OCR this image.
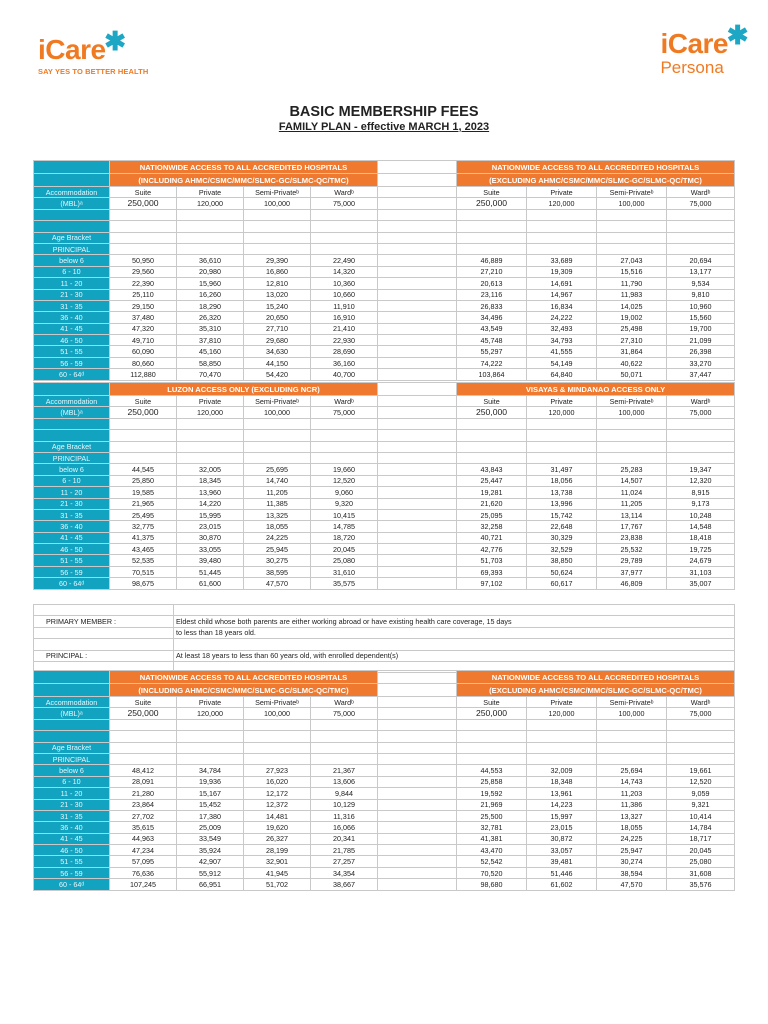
iCare
✱
SAY YES TO BETTER HEALTH
iCare
✱
Persona
BASIC MEMBERSHIP FEES
FAMILY PLAN - effective MARCH 1, 2023
	NATIONWIDE ACCESS TO ALL ACCREDITED HOSPITALS					NATIONWIDE ACCESS TO ALL ACCREDITED HOSPITALS			
	(INCLUDING AHMC/CSMC/MMC/SLMC-GC/SLMC-QC/TMC)					(EXCLUDING AHMC/CSMC/MMC/SLMC-GC/SLMC-QC/TMC)			
Accommodation	Suite	Private	Semi-Privateᵇ	Wardᵇ		Suite	Private	Semi-Privateᵇ	Wardᵇ
(MBL)ᵃ	250,000	120,000	100,000	75,000		250,000	120,000	100,000	75,000

Age Bracket									
PRINCIPAL									
below 6	50,950	36,610	29,390	22,490		46,889	33,689	27,043	20,694
6 - 10	29,560	20,980	16,860	14,320		27,210	19,309	15,516	13,177
11 - 20	22,390	15,960	12,810	10,360		20,613	14,691	11,790	9,534
21 - 30	25,110	16,260	13,020	10,660		23,116	14,967	11,983	9,810
31 - 35	29,150	18,290	15,240	11,910		26,833	16,834	14,025	10,960
36 - 40	37,480	26,320	20,650	16,910		34,496	24,222	19,002	15,560
41 - 45	47,320	35,310	27,710	21,410		43,549	32,493	25,498	19,700
46 - 50	49,710	37,810	29,680	22,930		45,748	34,793	27,310	21,099
51 - 55	60,090	45,160	34,630	28,690		55,297	41,555	31,864	26,398
56 - 59	80,660	58,850	44,150	36,160		74,222	54,149	40,622	33,270
60 - 64ᵈ	112,880	70,470	54,420	40,700		103,864	64,840	50,071	37,447
	LUZON ACCESS ONLY (EXCLUDING NCR)					VISAYAS & MINDANAO ACCESS ONLY			
Accommodation	Suite	Private	Semi-Privateᵇ	Wardᵇ		Suite	Private	Semi-Privateᵇ	Wardᵇ
(MBL)ᵃ	250,000	120,000	100,000	75,000		250,000	120,000	100,000	75,000

Age Bracket									
PRINCIPAL									
below 6	44,545	32,005	25,695	19,660		43,843	31,497	25,283	19,347
6 - 10	25,850	18,345	14,740	12,520		25,447	18,056	14,507	12,320
11 - 20	19,585	13,960	11,205	9,060		19,281	13,738	11,024	8,915
21 - 30	21,965	14,220	11,385	9,320		21,620	13,996	11,205	9,173
31 - 35	25,495	15,995	13,325	10,415		25,095	15,742	13,114	10,248
36 - 40	32,775	23,015	18,055	14,785		32,258	22,648	17,767	14,548
41 - 45	41,375	30,870	24,225	18,720		40,721	30,329	23,838	18,418
46 - 50	43,465	33,055	25,945	20,045		42,776	32,529	25,532	19,725
51 - 55	52,535	39,480	30,275	25,080		51,703	38,850	29,789	24,679
56 - 59	70,515	51,445	38,595	31,610		69,393	50,624	37,977	31,103
60 - 64ᵈ	98,675	61,600	47,570	35,575		97,102	60,617	46,809	35,007

PRIMARY MEMBER :	Eldest child whose both parents are either working abroad or have existing health care coverage, 15 days
	to less than 18 years old.

PRINCIPAL :	At least 18 years to less than 60 years old, with enrolled dependent(s)

	NATIONWIDE ACCESS TO ALL ACCREDITED HOSPITALS					NATIONWIDE ACCESS TO ALL ACCREDITED HOSPITALS			
	(INCLUDING AHMC/CSMC/MMC/SLMC-GC/SLMC-QC/TMC)					(EXCLUDING AHMC/CSMC/MMC/SLMC-GC/SLMC-QC/TMC)			
Accommodation	Suite	Private	Semi-Privateᵇ	Wardᵇ		Suite	Private	Semi-Privateᵇ	Wardᵇ
(MBL)ᵃ	250,000	120,000	100,000	75,000		250,000	120,000	100,000	75,000

Age Bracket									
PRINCIPAL									
below 6	48,412	34,784	27,923	21,367		44,553	32,009	25,694	19,661
6 - 10	28,091	19,936	16,020	13,606		25,858	18,348	14,743	12,520
11 - 20	21,280	15,167	12,172	9,844		19,592	13,961	11,203	9,059
21 - 30	23,864	15,452	12,372	10,129		21,969	14,223	11,386	9,321
31 - 35	27,702	17,380	14,481	11,316		25,500	15,997	13,327	10,414
36 - 40	35,615	25,009	19,620	16,066		32,781	23,015	18,055	14,784
41 - 45	44,963	33,549	26,327	20,341		41,381	30,872	24,225	18,717
46 - 50	47,234	35,924	28,199	21,785		43,470	33,057	25,947	20,045
51 - 55	57,095	42,907	32,901	27,257		52,542	39,481	30,274	25,080
56 - 59	76,636	55,912	41,945	34,354		70,520	51,446	38,594	31,608
60 - 64ᵈ	107,245	66,951	51,702	38,667		98,680	61,602	47,570	35,576
